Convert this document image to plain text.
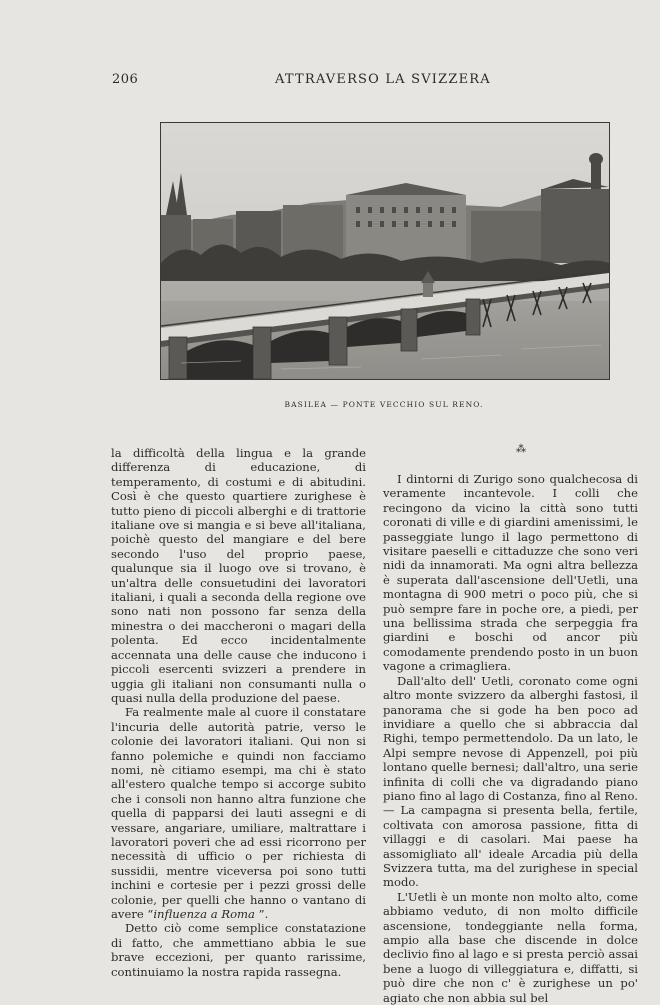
206	ATTRAVERSO LA SVIZZERA
BASILEA — PONTE VECCHIO SUL RENO.

la difficoltà della lingua e la grande differenza di educazione, di temperamento, di costumi e di abitudini. Così è che questo quartiere zurighese è tutto pieno di piccoli alberghi e di trattorie italiane ove si mangia e si beve all'italiana, poichè questo del mangiare e del bere secondo l'uso del proprio paese, qualunque sia il luogo ove si trovano, è un'altra delle consuetudini dei lavoratori italiani, i quali a seconda della regione ove sono nati non possono far senza della minestra o dei maccheroni o magari della polenta. Ed ecco incidentalmente accennata una delle cause che inducono i piccoli esercenti svizzeri a prendere in uggia gli italiani non consumanti nulla o quasi nulla della produzione del paese.

Fa realmente male al cuore il constatare l'incuria delle autorità patrie, verso le colonie dei lavoratori italiani. Qui non si fanno polemiche e quindi non facciamo nomi, nè citiamo esempi, ma chi è stato all'estero qualche tempo si accorge subito che i consoli non hanno altra funzione che quella di papparsi dei lauti assegni e di vessare, angariare, umiliare, maltrattare i lavoratori poveri che ad essi ricorrono per necessità di ufficio o per richiesta di sussidii, mentre viceversa poi sono tutti inchini e cortesie per i pezzi grossi delle colonie, per quelli che hanno o vantano di avere “influenza a Roma ”.

Detto ciò come semplice constatazione di fatto, che ammettiano abbia le sue brave eccezioni, per quanto rarissime, continuiamo la nostra rapida rassegna.

⁂

I dintorni di Zurigo sono qualchecosa di veramente incantevole. I colli che recingono da vicino la città sono tutti coronati di ville e di giardini amenissimi, le passeggiate lungo il lago permettono di visitare paeselli e cittaduzze che sono veri nidi da innamorati. Ma ogni altra bellezza è superata dall'ascensione dell'Uetli, una montagna di 900 metri o poco più, che si può sempre fare in poche ore, a piedi, per una bellissima strada che serpeggia fra giardini e boschi od ancor più comodamente prendendo posto in un buon vagone a crimagliera.

Dall'alto dell' Uetli, coronato come ogni altro monte svizzero da alberghi fastosi, il panorama che si gode ha ben poco ad invidiare a quello che si abbraccia dal Righi, tempo permettendolo. Da un lato, le Alpi sempre nevose di Appenzell, poi più lontano quelle bernesi; dall'altro, una serie infinita di colli che va digradando piano piano fino al lago di Costanza, fino al Reno. — La campagna si presenta bella, fertile, coltivata con amorosa passione, fitta di villaggi e di casolari. Mai paese ha assomigliato all' ideale Arcadia più della Svizzera tutta, ma del zurighese in special modo.

L'Uetli è un monte non molto alto, come abbiamo veduto, di non molto difficile ascensione, tondeggiante nella forma, ampio alla base che discende in dolce declivio fino al lago e si presta perciò assai bene a luogo di villeggiatura e, diffatti, si può dire che non c' è zurighese un po' agiato che non abbia sul bel
